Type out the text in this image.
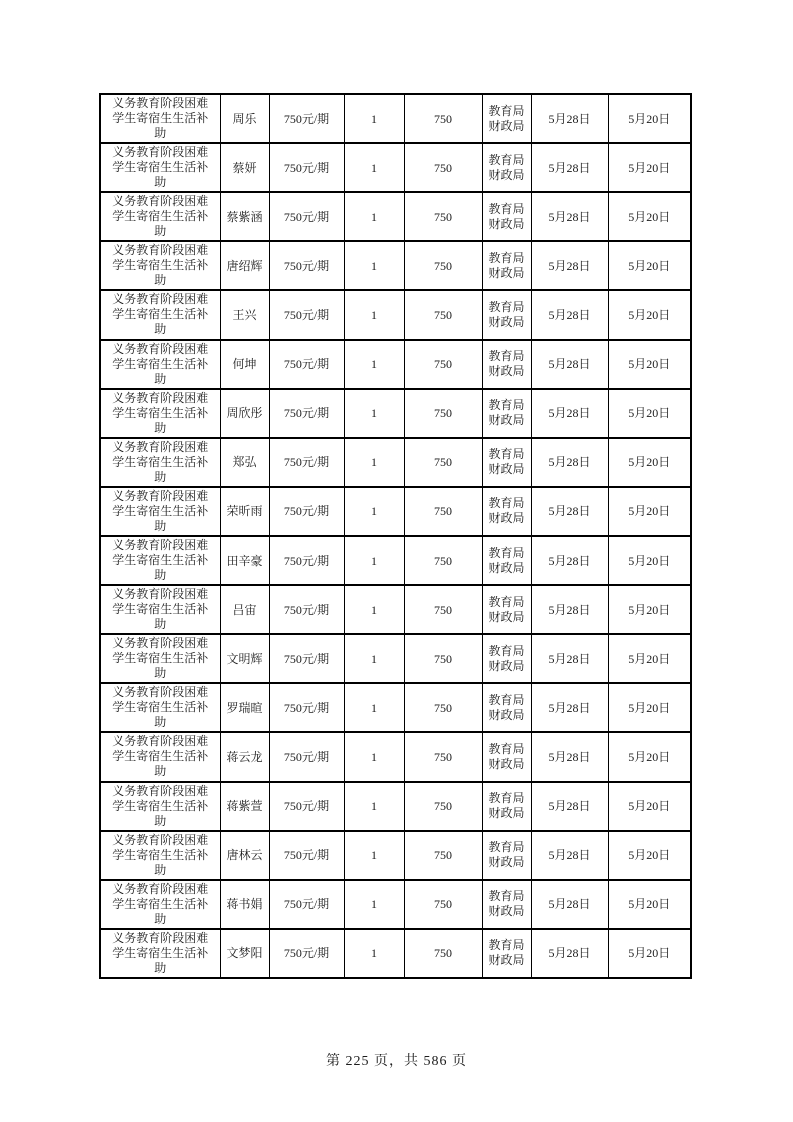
义务教育阶段困难
学生寄宿生生活补
助	周乐	750元/期	1	750	教育局
财政局	5月28日	5月20日

义务教育阶段困难
学生寄宿生生活补
助	蔡妍	750元/期	1	750	教育局
财政局	5月28日	5月20日

义务教育阶段困难
学生寄宿生生活补
助	蔡紫涵	750元/期	1	750	教育局
财政局	5月28日	5月20日

义务教育阶段困难
学生寄宿生生活补
助	唐绍辉	750元/期	1	750	教育局
财政局	5月28日	5月20日

义务教育阶段困难
学生寄宿生生活补
助	王兴	750元/期	1	750	教育局
财政局	5月28日	5月20日

义务教育阶段困难
学生寄宿生生活补
助	何坤	750元/期	1	750	教育局
财政局	5月28日	5月20日

义务教育阶段困难
学生寄宿生生活补
助	周欣彤	750元/期	1	750	教育局
财政局	5月28日	5月20日

义务教育阶段困难
学生寄宿生生活补
助	郑弘	750元/期	1	750	教育局
财政局	5月28日	5月20日

义务教育阶段困难
学生寄宿生生活补
助	荣昕雨	750元/期	1	750	教育局
财政局	5月28日	5月20日

义务教育阶段困难
学生寄宿生生活补
助	田辛豪	750元/期	1	750	教育局
财政局	5月28日	5月20日

义务教育阶段困难
学生寄宿生生活补
助	吕宙	750元/期	1	750	教育局
财政局	5月28日	5月20日

义务教育阶段困难
学生寄宿生生活补
助	文明辉	750元/期	1	750	教育局
财政局	5月28日	5月20日

义务教育阶段困难
学生寄宿生生活补
助	罗瑞暄	750元/期	1	750	教育局
财政局	5月28日	5月20日

义务教育阶段困难
学生寄宿生生活补
助	蒋云龙	750元/期	1	750	教育局
财政局	5月28日	5月20日

义务教育阶段困难
学生寄宿生生活补
助	蒋紫萱	750元/期	1	750	教育局
财政局	5月28日	5月20日

义务教育阶段困难
学生寄宿生生活补
助	唐林云	750元/期	1	750	教育局
财政局	5月28日	5月20日

义务教育阶段困难
学生寄宿生生活补
助	蒋书娟	750元/期	1	750	教育局
财政局	5月28日	5月20日

义务教育阶段困难
学生寄宿生生活补
助	文梦阳	750元/期	1	750	教育局
财政局	5月28日	5月20日
第 225 页，共 586 页
